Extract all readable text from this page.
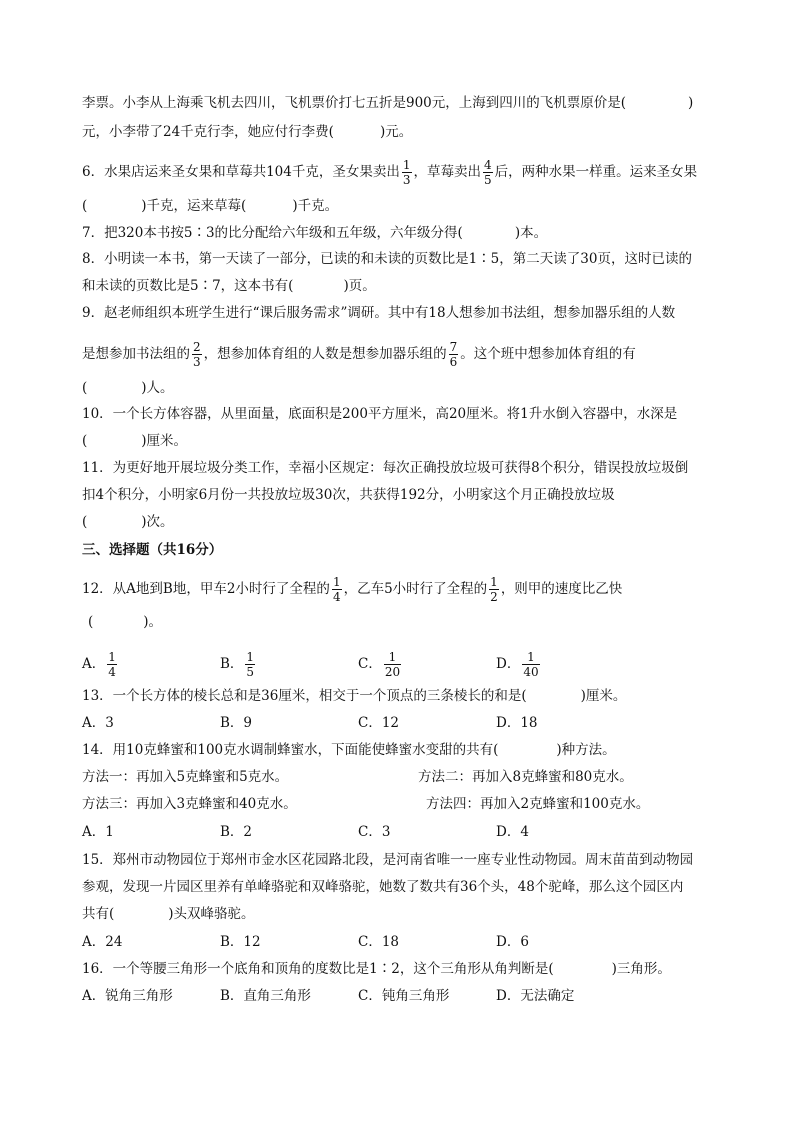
李票。小李从上海乘飞机去四川，飞机票价打七五折是900元，上海到四川的飞机票原价是(	)
元，小李带了24千克行李，她应付行李费(	)元。
6．水果店运来圣女果和草莓共104千克，圣女果卖出 $\frac{1}{3}$ ，草莓卖出 $\frac{4}{5}$ 后，两种水果一样重。运来圣女果
(	)千克，运来草莓(	)千克。
7．把320本书按5∶3的比分配给六年级和五年级，六年级分得(	)本。
8．小明读一本书，第一天读了一部分，已读的和未读的页数比是1∶5，第二天读了30页，这时已读的
和未读的页数比是5∶7，这本书有(	)页。
9．赵老师组织本班学生进行“课后服务需求”调研。其中有18人想参加书法组，想参加器乐组的人数
是想参加书法组的 $\frac{2}{3}$ ，想参加体育组的人数是想参加器乐组的 $\frac{7}{6}$ 。这个班中想参加体育组的有
(	)人。
10．一个长方体容器，从里面量，底面积是200平方厘米，高20厘米。将1升水倒入容器中，水深是
(	)厘米。
11．为更好地开展垃圾分类工作，幸福小区规定：每次正确投放垃圾可获得8个积分，错误投放垃圾倒
扣4个积分，小明家6月份一共投放垃圾30次，共获得192分，小明家这个月正确投放垃圾
(	)次。
三、选择题（共16分）
12．从A地到B地，甲车2小时行了全程的 $\frac{1}{4}$ ，乙车5小时行了全程的 $\frac{1}{2}$ ，则甲的速度比乙快
(	)。
A． $\frac{1}{4}$	B． $\frac{1}{5}$	C． $\frac{1}{20}$	D． $\frac{1}{40}$
13．一个长方体的棱长总和是36厘米，相交于一个顶点的三条棱长的和是(	)厘米。
A．3	B．9	C．12	D．18
14．用10克蜂蜜和100克水调制蜂蜜水，下面能使蜂蜜水变甜的共有(	)种方法。
方法一：再加入5克蜂蜜和5克水。	方法二：再加入8克蜂蜜和80克水。
方法三：再加入3克蜂蜜和40克水。	方法四：再加入2克蜂蜜和100克水。
A．1	B．2	C．3	D．4
15．郑州市动物园位于郑州市金水区花园路北段，是河南省唯一一座专业性动物园。周末苗苗到动物园
参观，发现一片园区里养有单峰骆驼和双峰骆驼，她数了数共有36个头，48个驼峰，那么这个园区内
共有(	)头双峰骆驼。
A．24	B．12	C．18	D．6
16．一个等腰三角形一个底角和顶角的度数比是1∶2，这个三角形从角判断是(	)三角形。
A．锐角三角形	B．直角三角形	C．钝角三角形	D．无法确定
